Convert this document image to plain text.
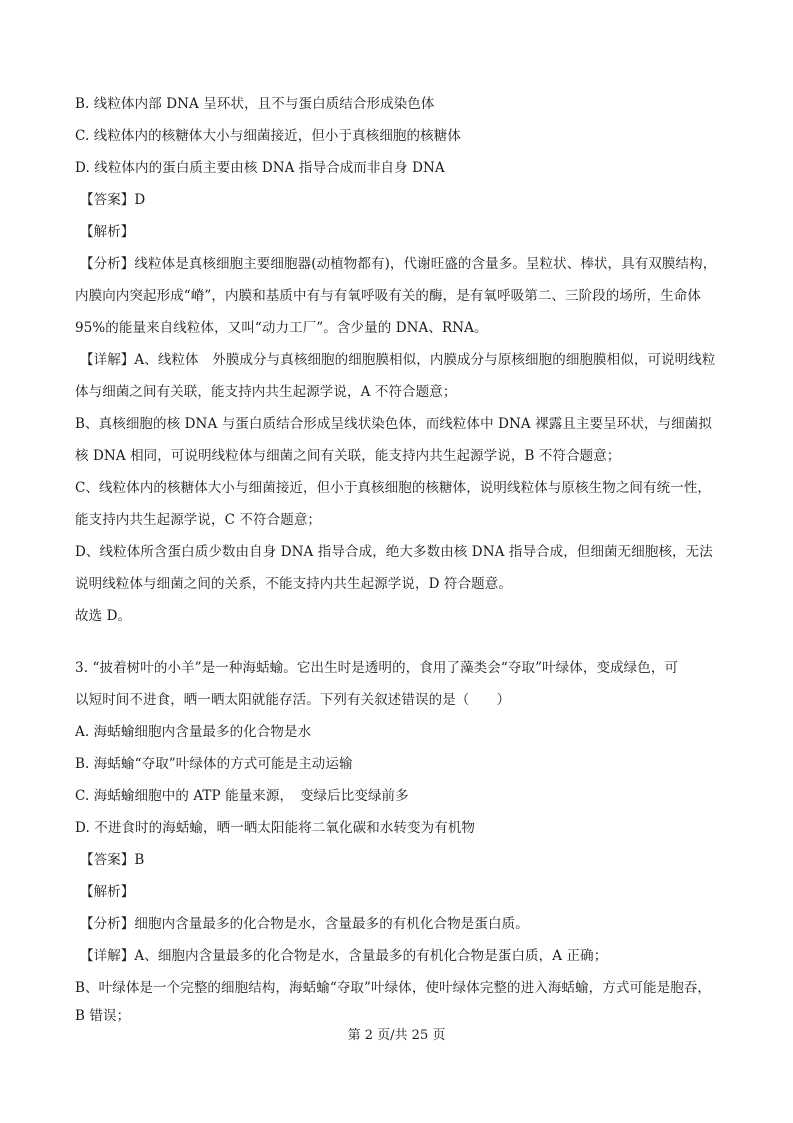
B. 线粒体内部 DNA 呈环状，且不与蛋白质结合形成染色体
C. 线粒体内的核糖体大小与细菌接近，但小于真核细胞的核糖体
D. 线粒体内的蛋白质主要由核 DNA 指导合成而非自身 DNA
【答案】D
【解析】
【分析】线粒体是真核细胞主要细胞器(动植物都有)，代谢旺盛的含量多。呈粒状、棒状，具有双膜结构，
内膜向内突起形成“嵴”，内膜和基质中有与有氧呼吸有关的酶，是有氧呼吸第二、三阶段的场所，生命体
95%的能量来自线粒体，又叫“动力工厂”。含少量的 DNA、RNA。
【详解】A、线粒体　外膜成分与真核细胞的细胞膜相似，内膜成分与原核细胞的细胞膜相似，可说明线粒
体与细菌之间有关联，能支持内共生起源学说，A 不符合题意；
B、真核细胞的核 DNA 与蛋白质结合形成呈线状染色体，而线粒体中 DNA 裸露且主要呈环状，与细菌拟
核 DNA 相同，可说明线粒体与细菌之间有关联，能支持内共生起源学说，B 不符合题意；
C、线粒体内的核糖体大小与细菌接近，但小于真核细胞的核糖体，说明线粒体与原核生物之间有统一性，
能支持内共生起源学说，C 不符合题意；
D、线粒体所含蛋白质少数由自身 DNA 指导合成，绝大多数由核 DNA 指导合成，但细菌无细胞核，无法
说明线粒体与细菌之间的关系，不能支持内共生起源学说，D 符合题意。
故选 D。
3. “披着树叶的小羊”是一种海蛞蝓。它出生时是透明的，食用了藻类会“夺取”叶绿体，变成绿色，可
以短时间不进食，晒一晒太阳就能存活。下列有关叙述错误的是（　　）
A. 海蛞蝓细胞内含量最多的化合物是水
B. 海蛞蝓“夺取”叶绿体的方式可能是主动运输
C. 海蛞蝓细胞中的 ATP 能量来源，　变绿后比变绿前多
D. 不进食时的海蛞蝓，晒一晒太阳能将二氧化碳和水转变为有机物
【答案】B
【解析】
【分析】细胞内含量最多的化合物是水，含量最多的有机化合物是蛋白质。
【详解】A、细胞内含量最多的化合物是水，含量最多的有机化合物是蛋白质，A 正确；
B、叶绿体是一个完整的细胞结构，海蛞蝓“夺取”叶绿体，使叶绿体完整的进入海蛞蝓，方式可能是胞吞，
B 错误；
第 2 页/共 25 页
